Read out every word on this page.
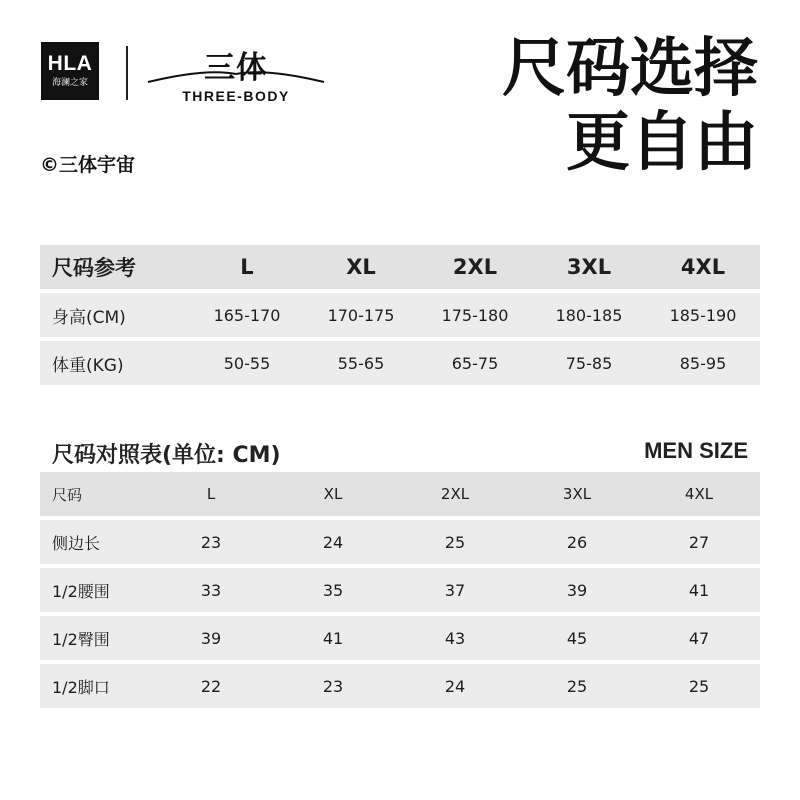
HLA
海澜之家	三体
THREE-BODY
©三体宇宙
尺码选择
更自由
尺码参考	L	XL	2XL	3XL	4XL
身高(CM)	165-170	170-175	175-180	180-185	185-190
体重(KG)	50-55	55-65	65-75	75-85	85-95
尺码对照表(单位: CM)	MEN SIZE
尺码	L	XL	2XL	3XL	4XL
侧边长	23	24	25	26	27
1/2腰围	33	35	37	39	41
1/2臀围	39	41	43	45	47
1/2脚口	22	23	24	25	25
